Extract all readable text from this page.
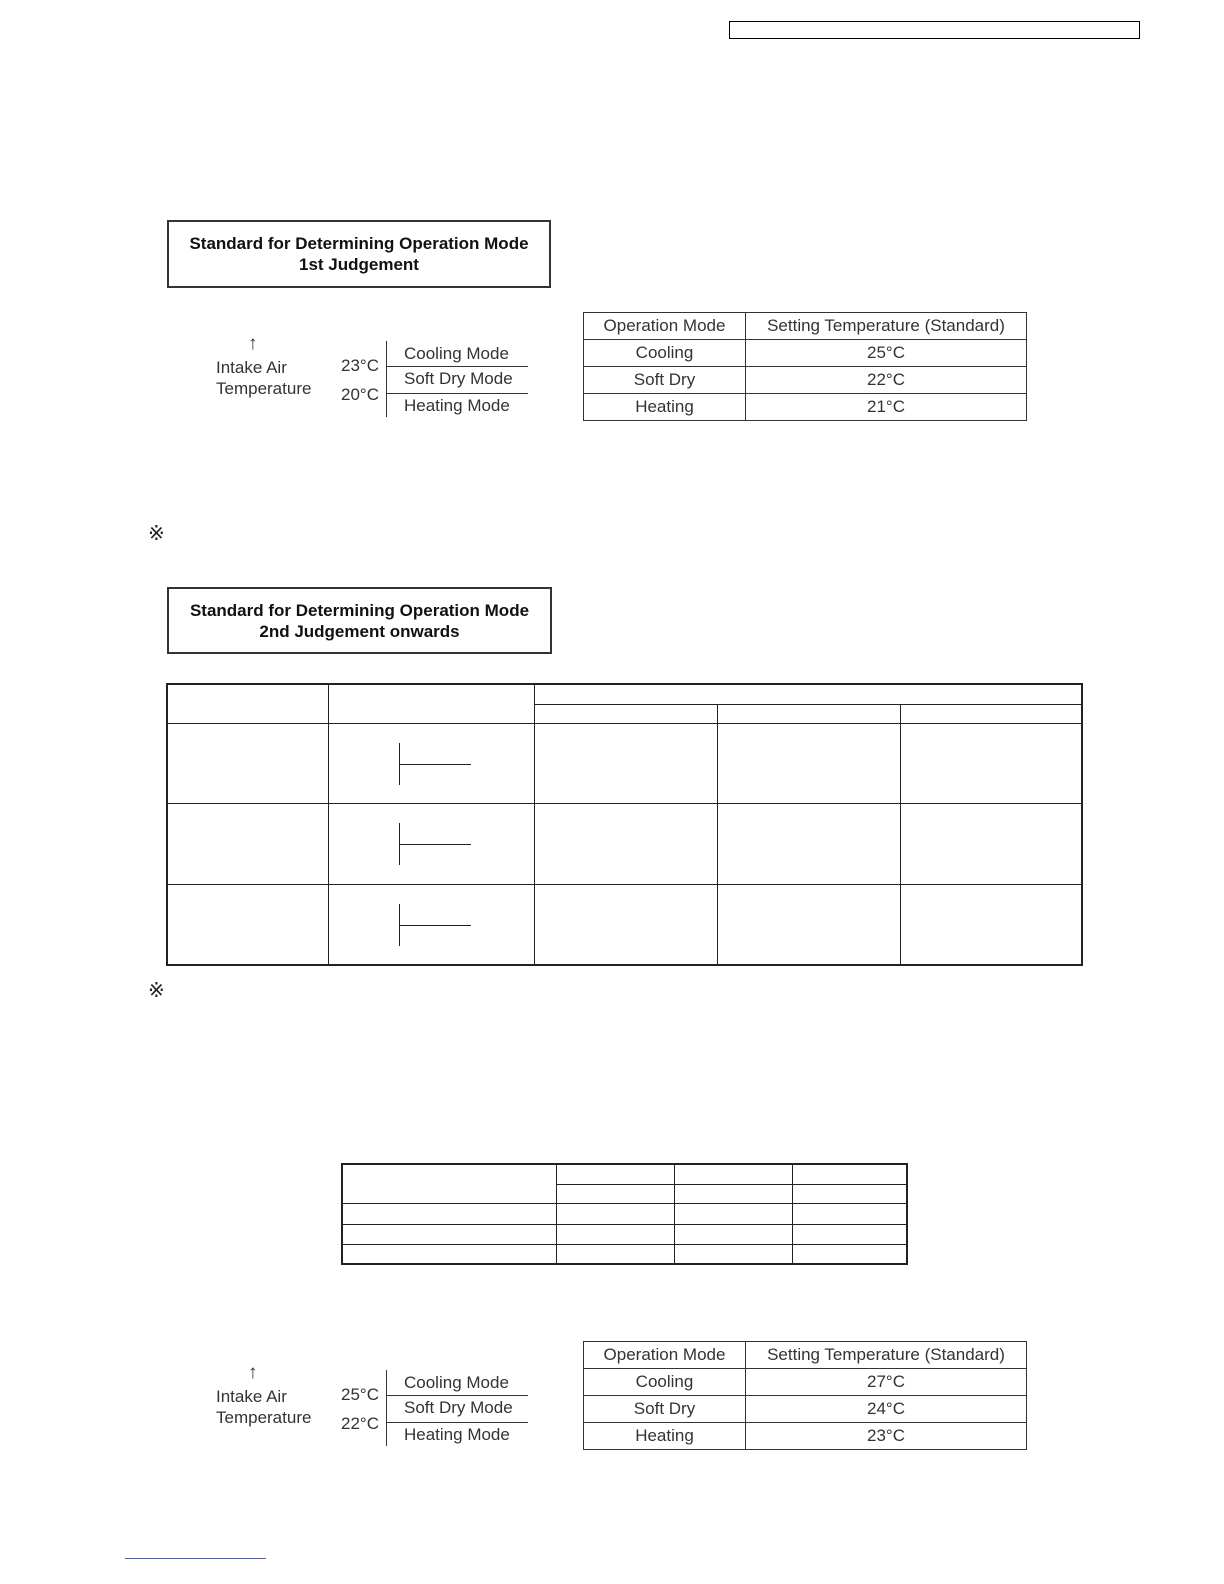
Standard for Determining Operation Mode
1st Judgement
↑
Intake Air
Temperature
23°C
20°C
Cooling Mode
Soft Dry Mode
Heating Mode
Operation Mode	Setting Temperature (Standard)
Cooling	25°C
Soft Dry	22°C
Heating	21°C
※
Standard for Determining Operation Mode
2nd Judgement onwards

※

↑
Intake Air
Temperature
25°C
22°C
Cooling Mode
Soft Dry Mode
Heating Mode
Operation Mode	Setting Temperature (Standard)
Cooling	27°C
Soft Dry	24°C
Heating	23°C
